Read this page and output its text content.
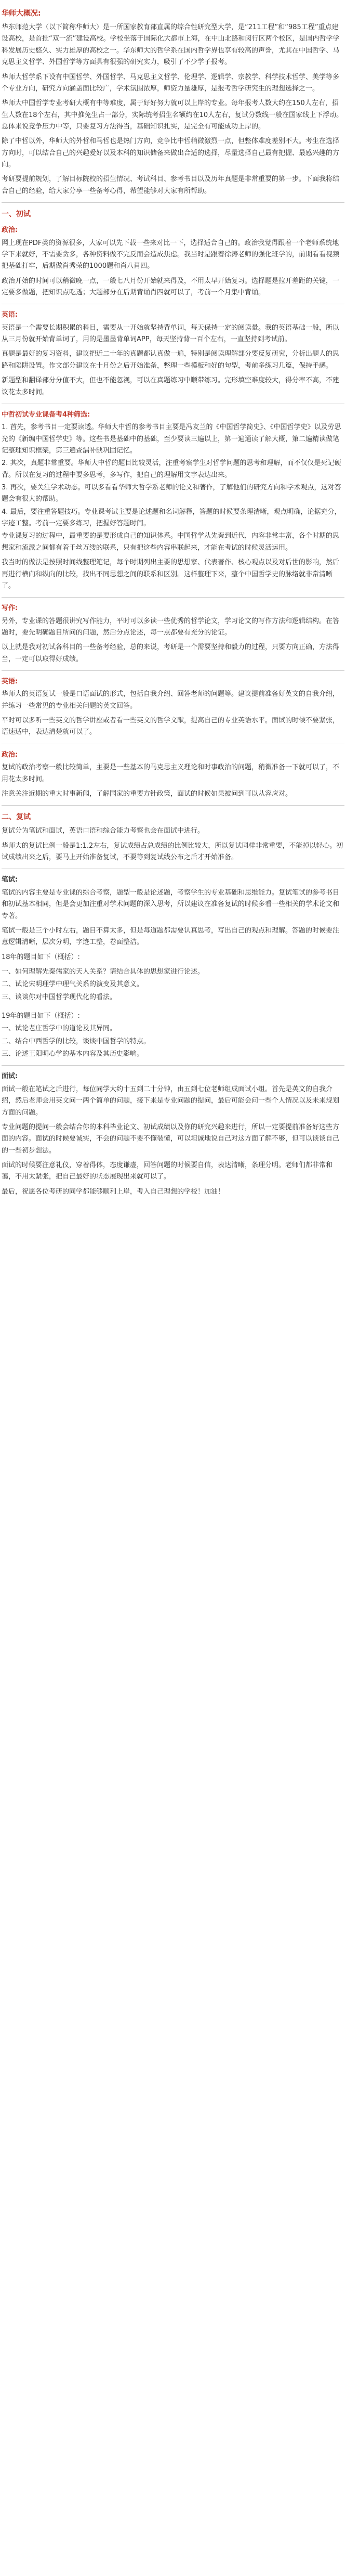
华师大概况:

华东师范大学（以下简称华师大）是一所国家教育部直属的综合性研究型大学，是“211工程”和“985工程”重点建设高校，是首批“双一流”建设高校。学校坐落于国际化大都市上海，在中山北路和闵行区两个校区，是国内哲学学科发展历史悠久、实力雄厚的高校之一。华东师大的哲学系在国内哲学界也享有较高的声誉，尤其在中国哲学、马克思主义哲学、外国哲学等方面具有很强的研究实力，吸引了不少学子报考。

华师大哲学系下设有中国哲学、外国哲学、马克思主义哲学、伦理学、逻辑学、宗教学、科学技术哲学、美学等多个专业方向，研究方向涵盖面比较广，学术氛围浓厚，师资力量雄厚，是报考哲学研究生的理想选择之一。

华师大中国哲学专业考研大概有中等难度，属于好好努力就可以上岸的专业。每年报考人数大约在150人左右，招生人数在18个左右，其中推免生占一部分，实际统考招生名额约在10人左右，复试分数线一般在国家线上下浮动。总体来说竞争压力中等，只要复习方法得当，基础知识扎实，是完全有可能成功上岸的。

除了中哲以外，华师大的外哲和马哲也是热门方向，竞争比中哲稍微激烈一点，但整体难度差别不大。考生在选择方向时，可以结合自己的兴趣爱好以及本科的知识储备来做出合适的选择，尽量选择自己最有把握、最感兴趣的方向。

考研要提前规划，了解目标院校的招生情况、考试科目、参考书目以及历年真题是非常重要的第一步。下面我将结合自己的经验，给大家分享一些备考心得，希望能够对大家有所帮助。

一、初试
政治:

网上现在PDF类的资源很多，大家可以先下载一些来对比一下，选择适合自己的。政治我觉得跟着一个老师系统地学下来就好，不需要贪多，各种资料做不完反而会造成焦虑。我当时是跟着徐涛老师的强化班学的，前期看看视频把基础打牢，后期做肖秀荣的1000题和肖八肖四。

政治开始的时间可以稍微晚一点，一般七八月份开始就来得及，不用太早开始复习。选择题是拉开差距的关键，一定要多做题，把知识点吃透；大题部分在后期背诵肖四就可以了，考前一个月集中背诵。

英语:

英语是一个需要长期积累的科目，需要从一开始就坚持背单词，每天保持一定的阅读量。我的英语基础一般，所以从三月份就开始背单词了，用的是墨墨背单词APP，每天坚持背一百个左右，一直坚持到考试前。

真题是最好的复习资料，建议把近二十年的真题都认真做一遍，特别是阅读理解部分要反复研究，分析出题人的思路和陷阱设置。作文部分建议在十月份之后开始准备，整理一些模板和好的句型，考前多练习几篇，保持手感。

新题型和翻译部分分值不大，但也不能忽视，可以在真题练习中顺带练习。完形填空难度较大，得分率不高，不建议花太多时间。

中哲初试专业课备考4种筛选:

1. 首先，参考书目一定要读透。华师大中哲的参考书目主要是冯友兰的《中国哲学简史》、《中国哲学史》以及劳思光的《新编中国哲学史》等。这些书是基础中的基础，至少要读三遍以上，第一遍通读了解大概，第二遍精读做笔记整理知识框架，第三遍查漏补缺巩固记忆。

2. 其次，真题非常重要。华师大中哲的题目比较灵活，注重考察学生对哲学问题的思考和理解，而不仅仅是死记硬背。所以在复习的过程中要多思考，多写作，把自己的理解用文字表达出来。

3. 再次，要关注学术动态。可以多看看华师大哲学系老师的论文和著作，了解他们的研究方向和学术观点，这对答题会有很大的帮助。

4. 最后，要注重答题技巧。专业课考试主要是论述题和名词解释，答题的时候要条理清晰，观点明确，论据充分，字迹工整。考前一定要多练习，把握好答题时间。

专业课复习的过程中，最重要的是要形成自己的知识体系。中国哲学从先秦到近代，内容非常丰富，各个时期的思想家和流派之间都有着千丝万缕的联系，只有把这些内容串联起来，才能在考试的时候灵活运用。

我当时的做法是按照时间线整理笔记，每个时期列出主要的思想家、代表著作、核心观点以及对后世的影响，然后再进行横向和纵向的比较，找出不同思想之间的联系和区别。这样整理下来，整个中国哲学史的脉络就非常清晰了。

写作:

另外，专业课的答题很讲究写作能力，平时可以多读一些优秀的哲学论文，学习论文的写作方法和逻辑结构。在答题时，要先明确题目所问的问题，然后分点论述，每一点都要有充分的论证。

以上就是我对初试各科目的一些备考经验，总的来说，考研是一个需要坚持和毅力的过程，只要方向正确，方法得当，一定可以取得好成绩。

英语:

华师大的英语复试一般是口语面试的形式，包括自我介绍、回答老师的问题等。建议提前准备好英文的自我介绍，并练习一些常见的专业相关问题的英文回答。

平时可以多听一些英文的哲学讲座或者看一些英文的哲学文献，提高自己的专业英语水平。面试的时候不要紧张，语速适中，表达清楚就可以了。

政治:

复试的政治考察一般比较简单，主要是一些基本的马克思主义理论和时事政治的问题，稍微准备一下就可以了，不用花太多时间。

注意关注近期的重大时事新闻，了解国家的重要方针政策，面试的时候如果被问到可以从容应对。

二、复试

复试分为笔试和面试，英语口语和综合能力考察也会在面试中进行。

华师大的复试比例一般是1:1.2左右，复试成绩占总成绩的比例比较大，所以复试同样非常重要，不能掉以轻心。初试成绩出来之后，要马上开始准备复试，不要等到复试线公布之后才开始准备。

笔试:

笔试的内容主要是专业课的综合考察，题型一般是论述题，考察学生的专业基础和思维能力。复试笔试的参考书目和初试基本相同，但是会更加注重对学术问题的深入思考，所以建议在准备复试的时候多看一些相关的学术论文和专著。

笔试一般是三个小时左右，题目不算太多，但是每道题都需要认真思考，写出自己的观点和理解。答题的时候要注意逻辑清晰，层次分明，字迹工整，卷面整洁。

18年的题目如下（概括）:

一、如何理解先秦儒家的天人关系？请结合具体的思想家进行论述。

二、试论宋明理学中理气关系的演变及其意义。

三、谈谈你对中国哲学现代化的看法。

19年的题目如下（概括）:

一、试论老庄哲学中的道论及其异同。

二、结合中西哲学的比较，谈谈中国哲学的特点。

三、论述王阳明心学的基本内容及其历史影响。

面试:

面试一般在笔试之后进行，每位同学大约十五到二十分钟，由五到七位老师组成面试小组。首先是英文的自我介绍，然后老师会用英文问一两个简单的问题，接下来是专业问题的提问，最后可能会问一些个人情况以及未来规划方面的问题。

专业问题的提问一般会结合你的本科毕业论文、初试成绩以及你的研究兴趣来进行，所以一定要提前准备好这些方面的内容。面试的时候要诚实，不会的问题不要不懂装懂，可以坦诚地说自己对这方面了解不够，但可以谈谈自己的一些初步想法。

面试的时候要注意礼仪，穿着得体，态度谦虚，回答问题的时候要自信，表达清晰，条理分明。老师们都非常和蔼，不用太紧张，把自己最好的状态展现出来就可以了。

最后，祝愿各位考研的同学都能够顺利上岸，考入自己理想的学校！加油！
